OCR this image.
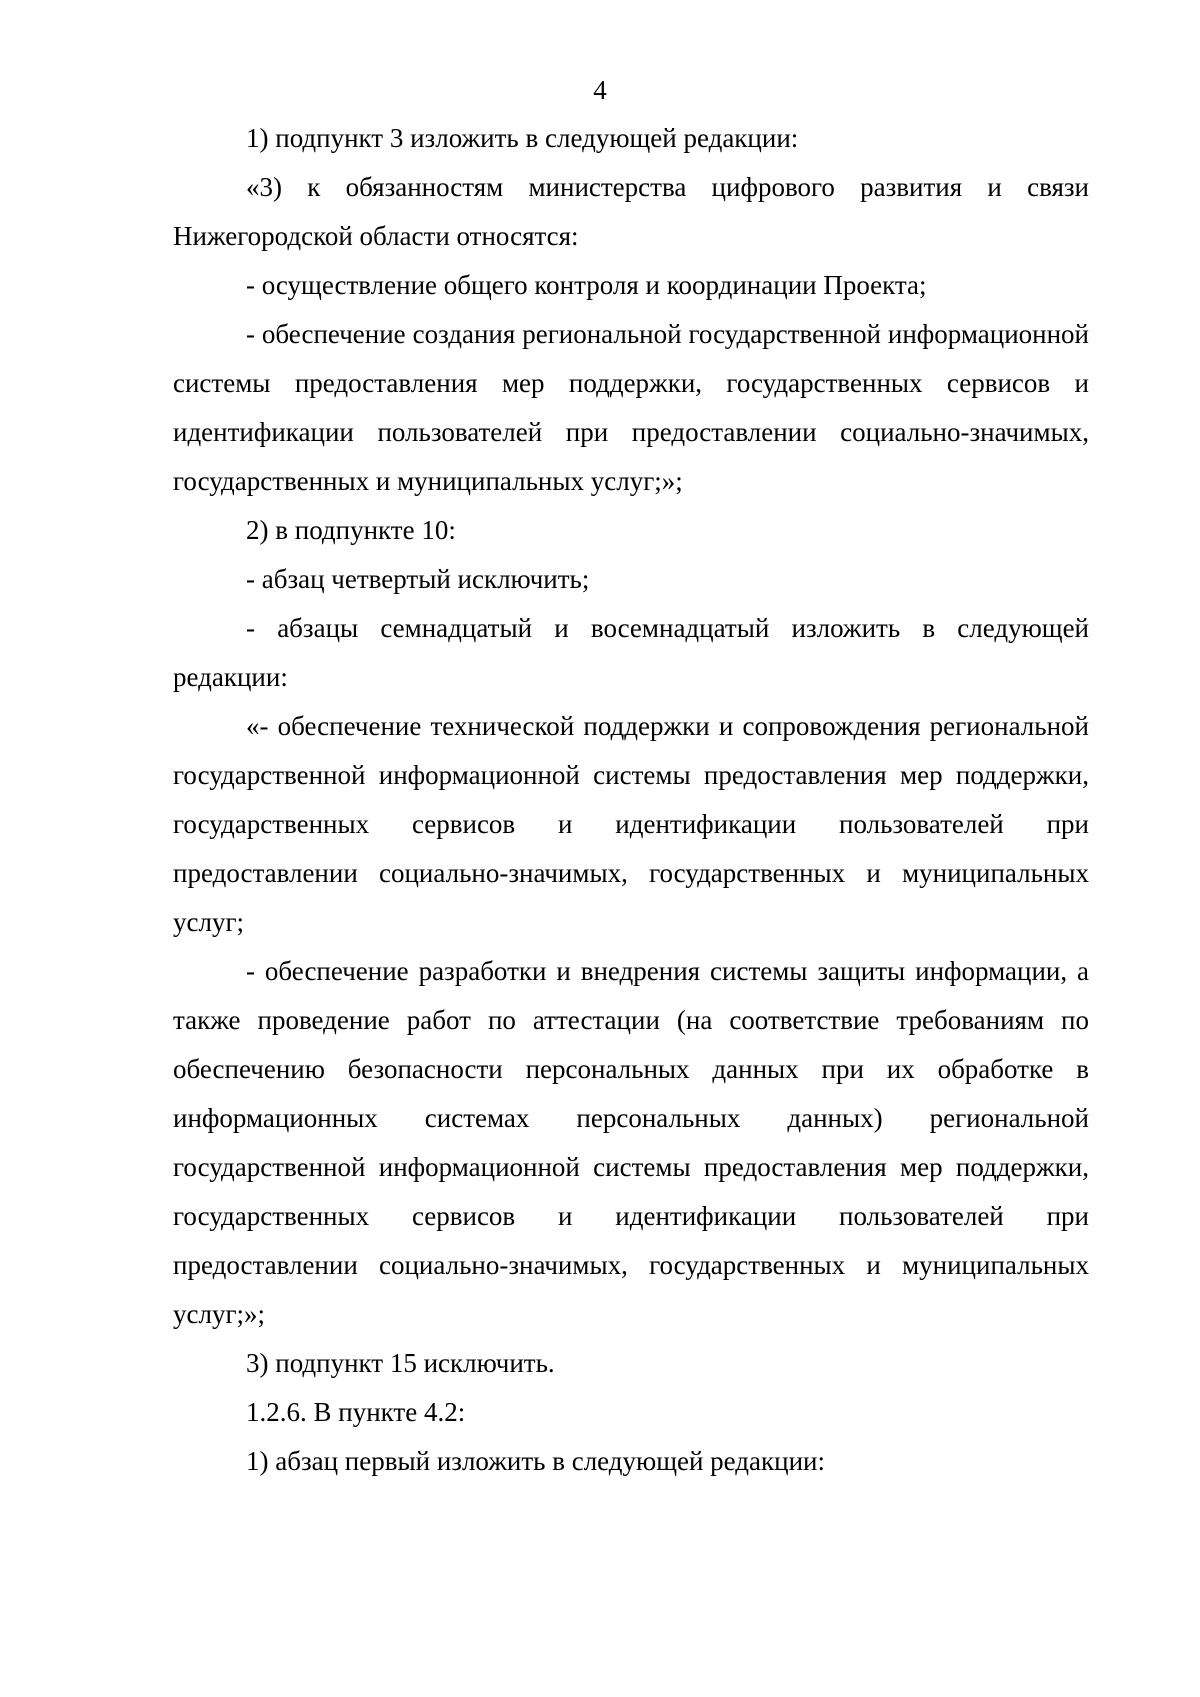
4

1) подпункт 3 изложить в следующей редакции:

«3) к обязанностям министерства цифрового развития и связи Нижегородской области относятся:

- осуществление общего контроля и координации Проекта;

- обеспечение создания региональной государственной информационной системы предоставления мер поддержки, государственных сервисов и идентификации пользователей при предоставлении социально-значимых, государственных и муниципальных услуг;»;

2) в подпункте 10:

- абзац четвертый исключить;

- абзацы семнадцатый и восемнадцатый изложить в следующей редакции:

«- обеспечение технической поддержки и сопровождения региональной государственной информационной системы предоставления мер поддержки, государственных сервисов и идентификации пользователей при предоставлении социально-значимых, государственных и муниципальных услуг;

- обеспечение разработки и внедрения системы защиты информации, а также проведение работ по аттестации (на соответствие требованиям по обеспечению безопасности персональных данных при их обработке в информационных системах персональных данных) региональной государственной информационной системы предоставления мер поддержки, государственных сервисов и идентификации пользователей при предоставлении социально-значимых, государственных и муниципальных услуг;»;

3) подпункт 15 исключить.

1.2.6. В пункте 4.2:

1) абзац первый изложить в следующей редакции:
